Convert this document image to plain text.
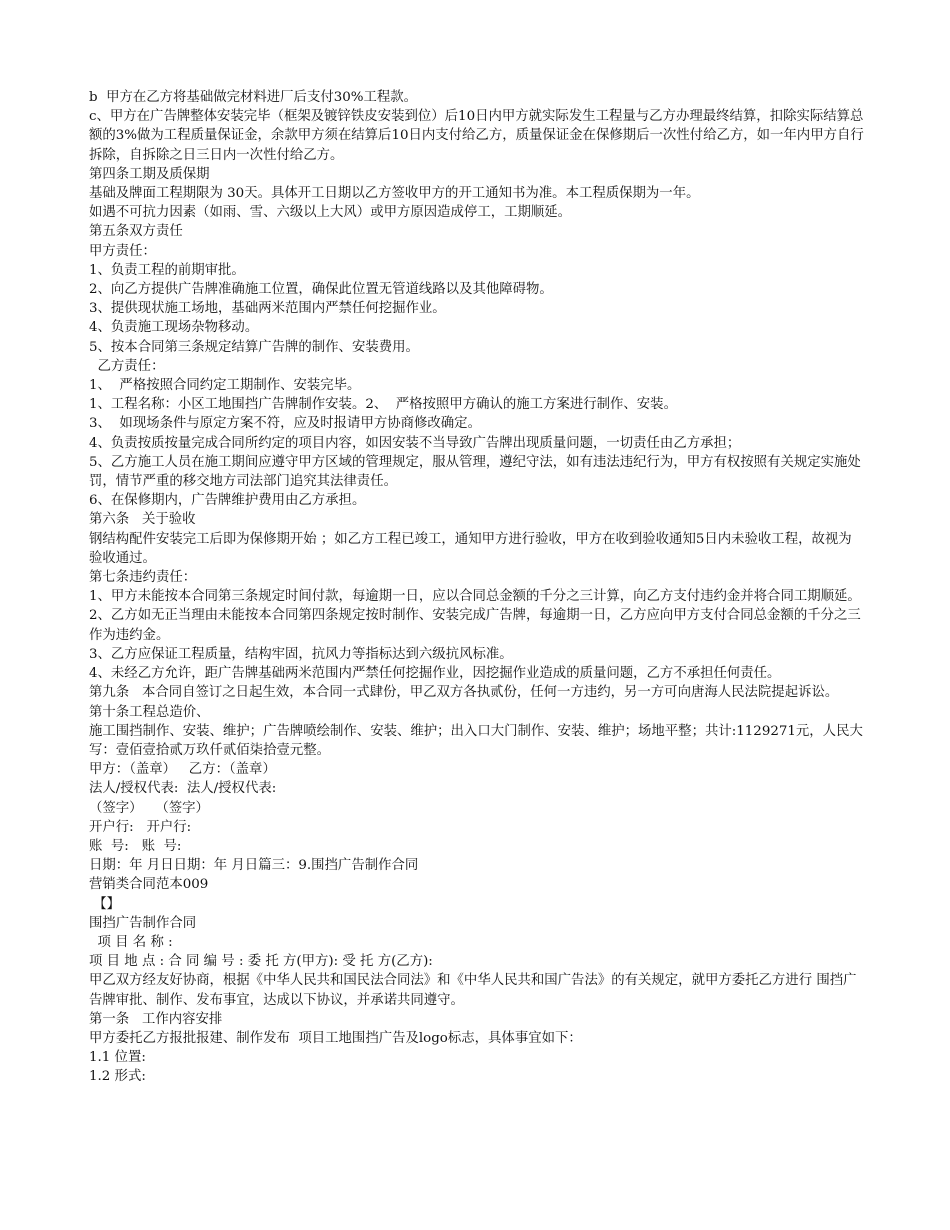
b  甲方在乙方将基础做完材料进厂后支付30%工程款。

c、甲方在广告牌整体安装完毕（框架及镀锌铁皮安装到位）后10日内甲方就实际发生工程量与乙方办理最终结算，扣除实际结算总额的3%做为工程质量保证金，余款甲方须在结算后10日内支付给乙方，质量保证金在保修期后一次性付给乙方，如一年内甲方自行拆除，自拆除之日三日内一次性付给乙方。

第四条工期及质保期

基础及牌面工程期限为 30天。具体开工日期以乙方签收甲方的开工通知书为准。本工程质保期为一年。

如遇不可抗力因素（如雨、雪、六级以上大风）或甲方原因造成停工，工期顺延。

第五条双方责任

甲方责任：

1、负责工程的前期审批。

2、向乙方提供广告牌准确施工位置，确保此位置无管道线路以及其他障碍物。

3、提供现状施工场地，基础两米范围内严禁任何挖掘作业。

4、负责施工现场杂物移动。

5、按本合同第三条规定结算广告牌的制作、安装费用。

乙方责任：

1、  严格按照合同约定工期制作、安装完毕。

1、工程名称：小区工地围挡广告牌制作安装。2、  严格按照甲方确认的施工方案进行制作、安装。

3、  如现场条件与原定方案不符，应及时报请甲方协商修改确定。

4、负责按质按量完成合同所约定的项目内容，如因安装不当导致广告牌出现质量问题，一切责任由乙方承担；

5、乙方施工人员在施工期间应遵守甲方区域的管理规定，服从管理，遵纪守法，如有违法违纪行为，甲方有权按照有关规定实施处罚，情节严重的移交地方司法部门追究其法律责任。

6、在保修期内，广告牌维护费用由乙方承担。

第六条   关于验收

钢结构配件安装完工后即为保修期开始 ；如乙方工程已竣工，通知甲方进行验收，甲方在收到验收通知5日内未验收工程，故视为验收通过。

第七条违约责任：

1、甲方未能按本合同第三条规定时间付款，每逾期一日，应以合同总金额的千分之三计算，向乙方支付违约金并将合同工期顺延。

2、乙方如无正当理由未能按本合同第四条规定按时制作、安装完成广告牌，每逾期一日，乙方应向甲方支付合同总金额的千分之三作为违约金。

3、乙方应保证工程质量，结构牢固，抗风力等指标达到六级抗风标准。

4、未经乙方允许，距广告牌基础两米范围内严禁任何挖掘作业，因挖掘作业造成的质量问题，乙方不承担任何责任。

第九条   本合同自签订之日起生效，本合同一式肆份，甲乙双方各执贰份，任何一方违约，另一方可向唐海人民法院提起诉讼。

第十条工程总造价、

施工围挡制作、安装、维护；广告牌喷绘制作、安装、维护；出入口大门制作、安装、维护；场地平整；共计:1129271元，人民大写：壹佰壹拾贰万玖仟贰佰柒拾壹元整。

甲方：（盖章）   乙方：（盖章）

法人/授权代表:  法人/授权代表:

（签字）   （签字）

开户行:   开户行:

账  号:   账  号:

日期：年 月日日期：年 月日篇三：9.围挡广告制作合同

营销类合同范本009

【】

围挡广告制作合同

项 目 名 称 :

项 目 地 点 : 合 同 编 号 : 委 托 方(甲方): 受 托 方(乙方):

甲乙双方经友好协商，根据《中华人民共和国民法合同法》和《中华人民共和国广告法》的有关规定，就甲方委托乙方进行 围挡广告牌审批、制作、发布事宜，达成以下协议，并承诺共同遵守。

第一条   工作内容安排

甲方委托乙方报批报建、制作发布  项目工地围挡广告及logo标志，具体事宜如下：

1.1 位置:

1.2 形式:
